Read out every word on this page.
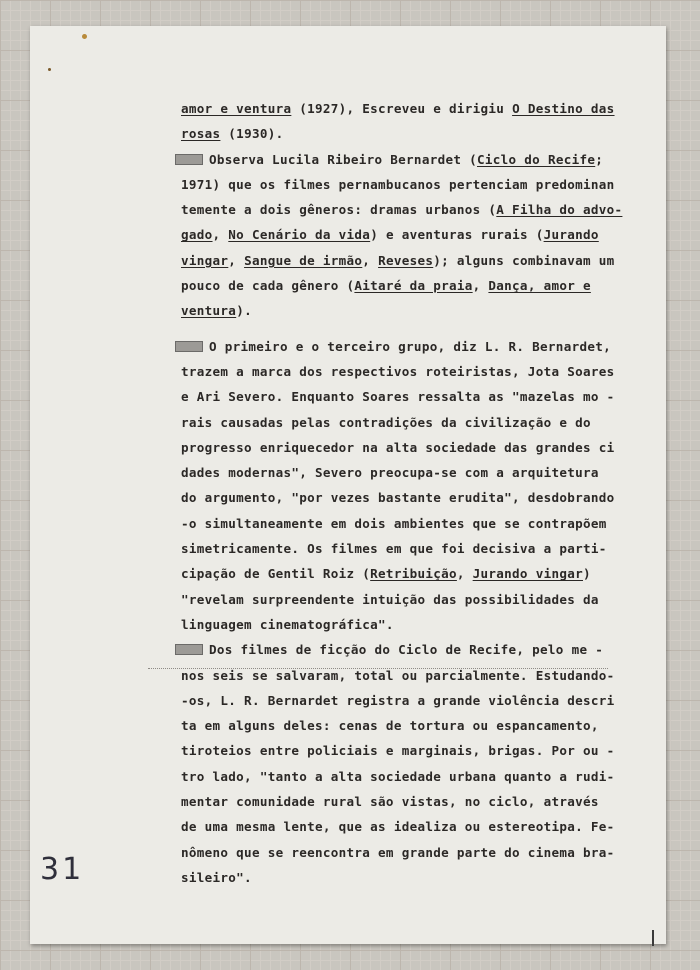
amor e ventura (1927), Escreveu e dirigiu O Destino das
rosas (1930).
Observa Lucila Ribeiro Bernardet (Ciclo do Recife;
1971) que os filmes pernambucanos pertenciam predominan
temente a dois gêneros: dramas urbanos (A Filha do advo-
gado, No Cenário da vida) e aventuras rurais (Jurando
vingar, Sangue de irmão, Reveses); alguns combinavam um
pouco de cada gênero (Aitaré da praia, Dança, amor e
ventura).
O primeiro e o terceiro grupo, diz L. R. Bernardet,
trazem a marca dos respectivos roteiristas, Jota Soares
e Ari Severo. Enquanto Soares ressalta as "mazelas mo -
rais causadas pelas contradições da civilização e do
progresso enriquecedor na alta sociedade das grandes ci
dades modernas", Severo preocupa-se com a arquitetura
do argumento, "por vezes bastante erudita", desdobrando
-o simultaneamente em dois ambientes que se contrapõem
simetricamente. Os filmes em que foi decisiva a parti-
cipação de Gentil Roiz (Retribuição, Jurando vingar)
"revelam surpreendente intuição das possibilidades da
linguagem cinematográfica".
Dos filmes de ficção do Ciclo de Recife, pelo me -
nos seis se salvaram, total ou parcialmente. Estudando-
-os, L. R. Bernardet registra a grande violência descri
ta em alguns deles: cenas de tortura ou espancamento,
tiroteios entre policiais e marginais, brigas. Por ou -
tro lado, "tanto a alta sociedade urbana quanto a rudi-
mentar comunidade rural são vistas, no ciclo, através
de uma mesma lente, que as idealiza ou estereotipa. Fe-
nômeno que se reencontra em grande parte do cinema bra-
sileiro".
31
